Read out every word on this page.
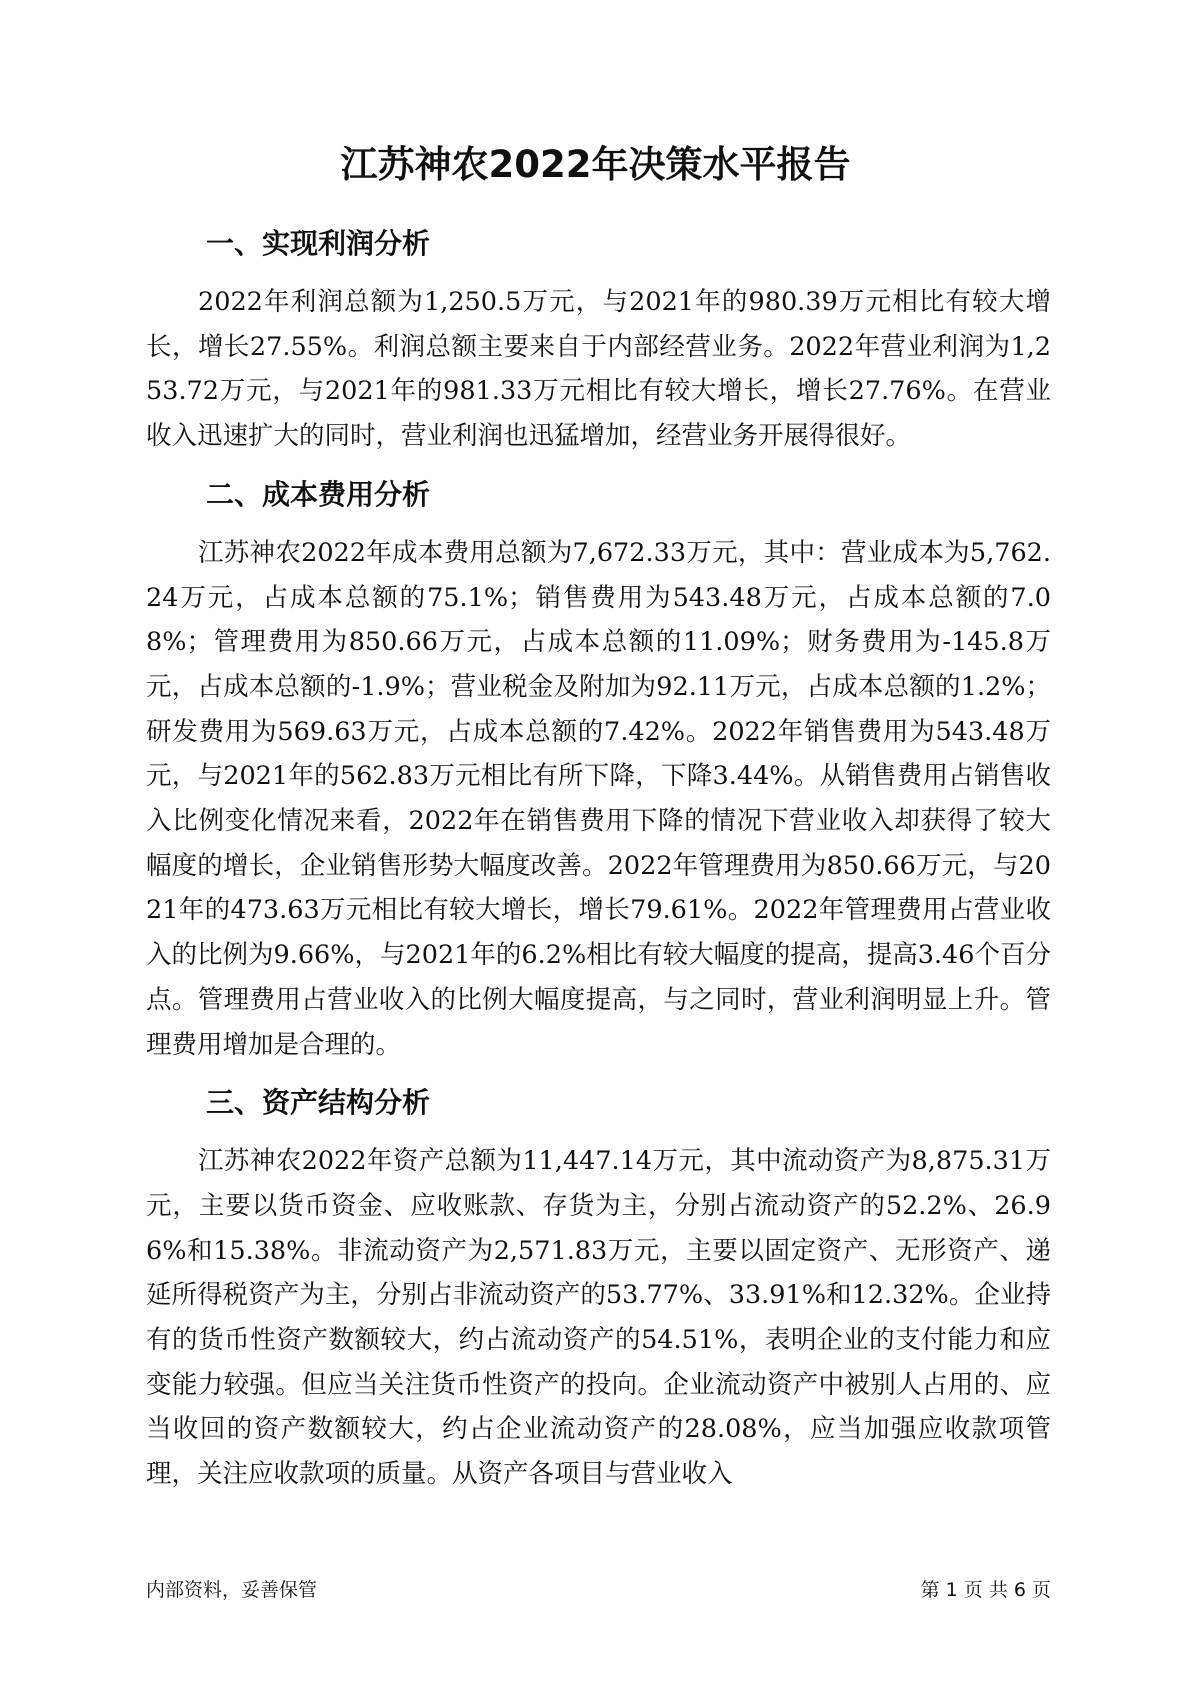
江苏神农2022年决策水平报告
一、实现利润分析

2022年利润总额为1,250.5万元，与2021年的980.39万元相比有较大增长，增长27.55%。利润总额主要来自于内部经营业务。2022年营业利润为1,253.72万元，与2021年的981.33万元相比有较大增长，增长27.76%。在营业收入迅速扩大的同时，营业利润也迅猛增加，经营业务开展得很好。

二、成本费用分析

江苏神农2022年成本费用总额为7,672.33万元，其中：营业成本为5,762.24万元，占成本总额的75.1%；销售费用为543.48万元，占成本总额的7.08%；管理费用为850.66万元，占成本总额的11.09%；财务费用为-145.8万元，占成本总额的-1.9%；营业税金及附加为92.11万元，占成本总额的1.2%；研发费用为569.63万元，占成本总额的7.42%。2022年销售费用为543.48万元，与2021年的562.83万元相比有所下降，下降3.44%。从销售费用占销售收入比例变化情况来看，2022年在销售费用下降的情况下营业收入却获得了较大幅度的增长，企业销售形势大幅度改善。2022年管理费用为850.66万元，与2021年的473.63万元相比有较大增长，增长79.61%。2022年管理费用占营业收入的比例为9.66%，与2021年的6.2%相比有较大幅度的提高，提高3.46个百分点。管理费用占营业收入的比例大幅度提高，与之同时，营业利润明显上升。管理费用增加是合理的。

三、资产结构分析

江苏神农2022年资产总额为11,447.14万元，其中流动资产为8,875.31万元，主要以货币资金、应收账款、存货为主，分别占流动资产的52.2%、26.96%和15.38%。非流动资产为2,571.83万元，主要以固定资产、无形资产、递延所得税资产为主，分别占非流动资产的53.77%、33.91%和12.32%。企业持有的货币性资产数额较大，约占流动资产的54.51%，表明企业的支付能力和应变能力较强。但应当关注货币性资产的投向。企业流动资产中被别人占用的、应当收回的资产数额较大，约占企业流动资产的28.08%，应当加强应收款项管理，关注应收款项的质量。从资产各项目与营业收入

内部资料，妥善保管	第 1 页 共 6 页
